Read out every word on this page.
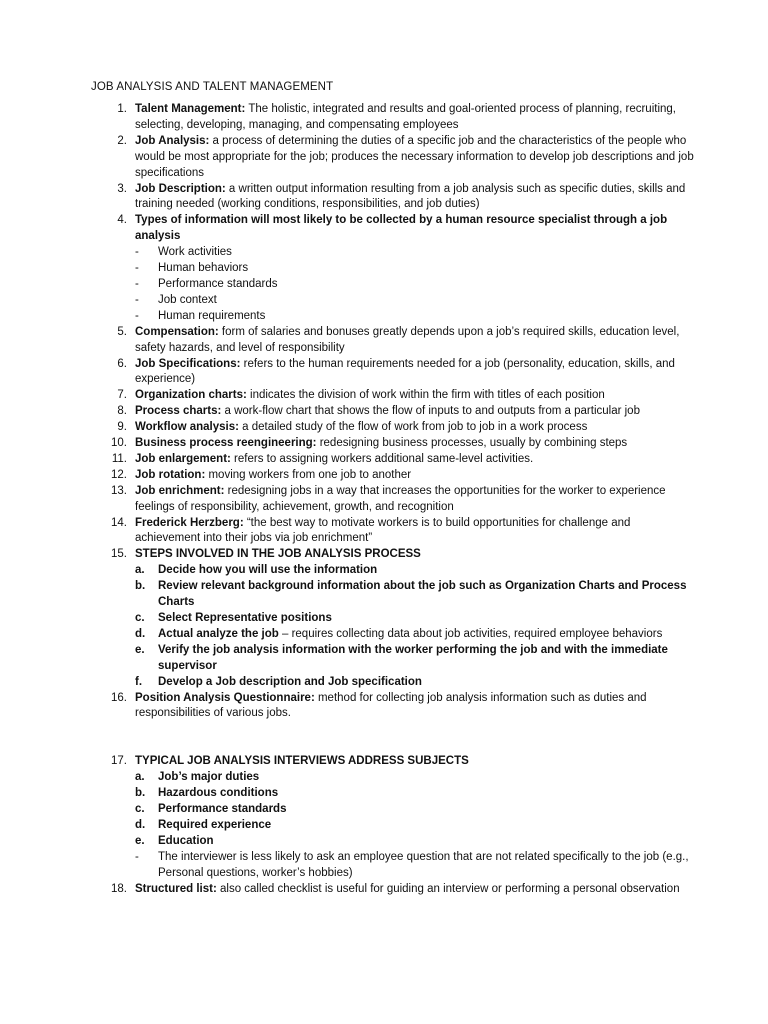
JOB ANALYSIS AND TALENT MANAGEMENT
1. Talent Management: The holistic, integrated and results and goal-oriented process of planning, recruiting, selecting, developing, managing, and compensating employees
2. Job Analysis: a process of determining the duties of a specific job and the characteristics of the people who would be most appropriate for the job; produces the necessary information to develop job descriptions and job specifications
3. Job Description: a written output information resulting from a job analysis such as specific duties, skills and training needed (working conditions, responsibilities, and job duties)
4. Types of information will most likely to be collected by a human resource specialist through a job analysis
- Work activities
- Human behaviors
- Performance standards
- Job context
- Human requirements
5. Compensation: form of salaries and bonuses greatly depends upon a job’s required skills, education level, safety hazards, and level of responsibility
6. Job Specifications: refers to the human requirements needed for a job (personality, education, skills, and experience)
7. Organization charts: indicates the division of work within the firm with titles of each position
8. Process charts: a work-flow chart that shows the flow of inputs to and outputs from a particular job
9. Workflow analysis: a detailed study of the flow of work from job to job in a work process
10. Business process reengineering: redesigning business processes, usually by combining steps
11. Job enlargement: refers to assigning workers additional same-level activities.
12. Job rotation: moving workers from one job to another
13. Job enrichment: redesigning jobs in a way that increases the opportunities for the worker to experience feelings of responsibility, achievement, growth, and recognition
14. Frederick Herzberg: “the best way to motivate workers is to build opportunities for challenge and achievement into their jobs via job enrichment”
15. STEPS INVOLVED IN THE JOB ANALYSIS PROCESS
a. Decide how you will use the information
b. Review relevant background information about the job such as Organization Charts and Process Charts
c. Select Representative positions
d. Actual analyze the job – requires collecting data about job activities, required employee behaviors
e. Verify the job analysis information with the worker performing the job and with the immediate supervisor
f. Develop a Job description and Job specification
16. Position Analysis Questionnaire: method for collecting job analysis information such as duties and responsibilities of various jobs.
17. TYPICAL JOB ANALYSIS INTERVIEWS ADDRESS SUBJECTS
a. Job’s major duties
b. Hazardous conditions
c. Performance standards
d. Required experience
e. Education
- The interviewer is less likely to ask an employee question that are not related specifically to the job (e.g., Personal questions, worker’s hobbies)
18. Structured list: also called checklist is useful for guiding an interview or performing a personal observation
